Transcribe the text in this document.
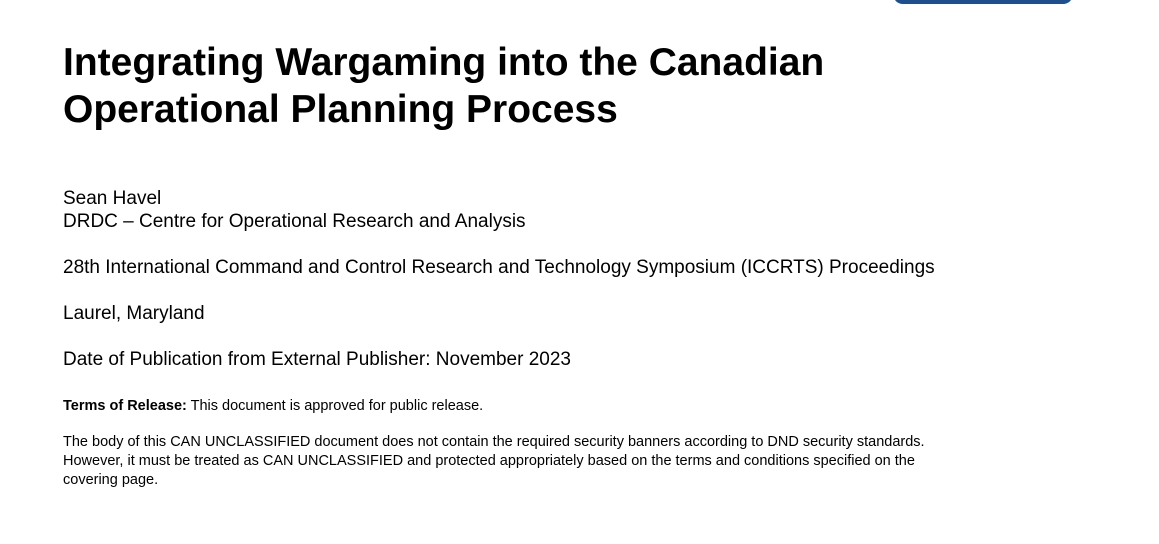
Integrating Wargaming into the Canadian
Operational Planning Process

Sean Havel

DRDC – Centre for Operational Research and Analysis

28th International Command and Control Research and Technology Symposium (ICCRTS) Proceedings

Laurel, Maryland

Date of Publication from External Publisher: November 2023

Terms of Release: This document is approved for public release.

The body of this CAN UNCLASSIFIED document does not contain the required security banners according to DND security standards.
However, it must be treated as CAN UNCLASSIFIED and protected appropriately based on the terms and conditions specified on the
covering page.
